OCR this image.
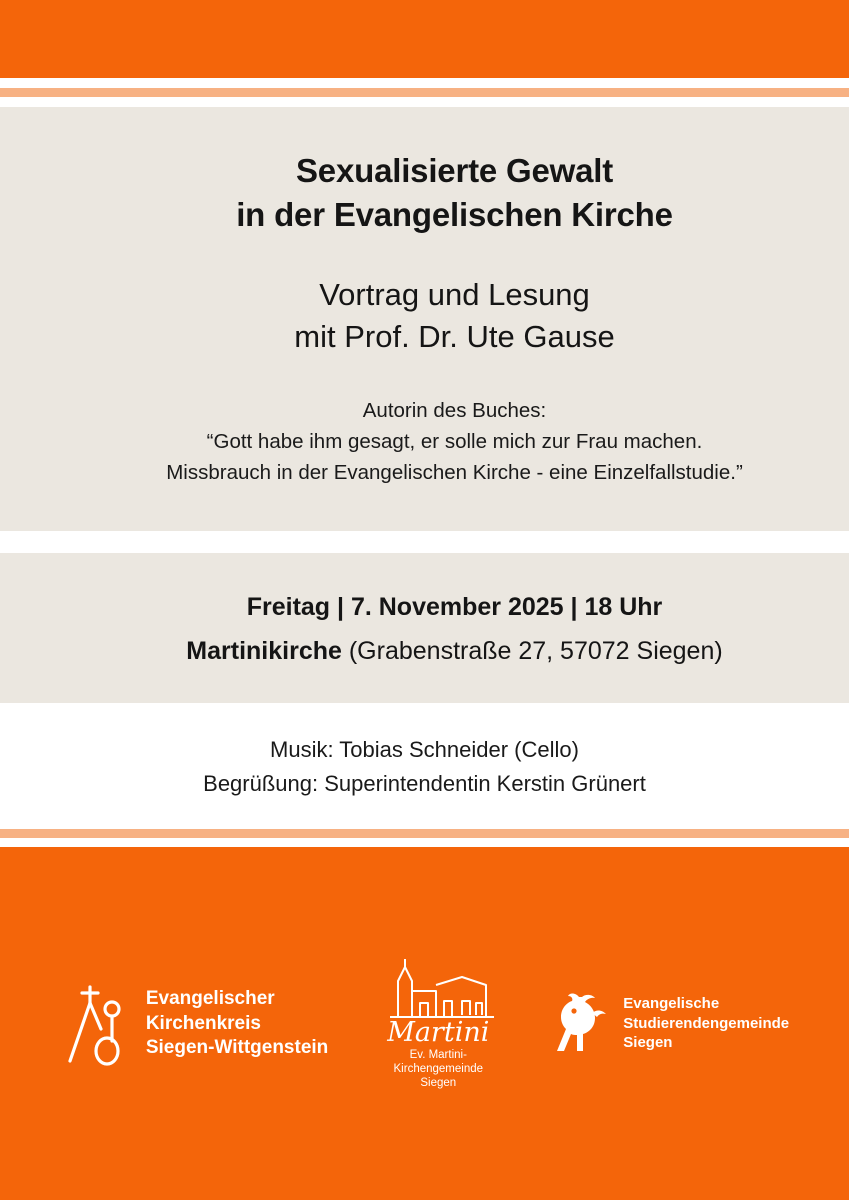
Sexualisierte Gewalt
in der Evangelischen Kirche

Vortrag und Lesung
mit Prof. Dr. Ute Gause

Autorin des Buches:
“Gott habe ihm gesagt, er solle mich zur Frau machen.
Missbrauch in der Evangelischen Kirche - eine Einzelfallstudie.”

Freitag | 7. November 2025 | 18 Uhr

Martinikirche (Grabenstraße 27, 57072 Siegen)

Musik: Tobias Schneider (Cello)

Begrüßung: Superintendentin Kerstin Grünert

Evangelischer
Kirchenkreis
Siegen-Wittgenstein Martini
Ev. Martini-
Kirchengemeinde
Siegen
Evangelische
Studierendengemeinde
Siegen
